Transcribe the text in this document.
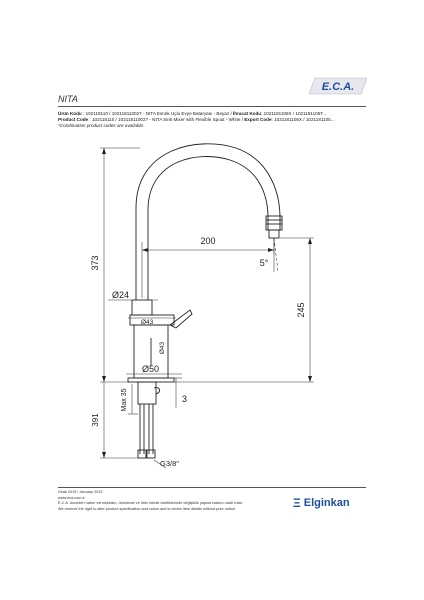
E.C.A.
NITA
Ürün Kodu : 102118110 / 102118110027 - NITA Esnek Uçlu Evye Bataryası - Beyaz / İhracat Kodu: 1021181108X / 1021181105T...
Product Code : 102118110 / 102118110027 - NITA Sink Mixer with Flexible Spout - White / Export Code: 1021181108X / 1021181105...
*Combination product codes are available.
373
200
5°
245
Ø24
Ø43
Ø43
Ø50
3
391
Max 35
G3/8"
Ocak 2019 / January 2019
www.eca.com.tr
E.C.A. önceden haber vermeksizin, ürünlerde ve ürün teknik özelliklerinde değişiklik yapma hakkını saklı tutar.
We reserve the right to alter product specification and colors and to revise item details without prior notice.	Ξ Elginkan
